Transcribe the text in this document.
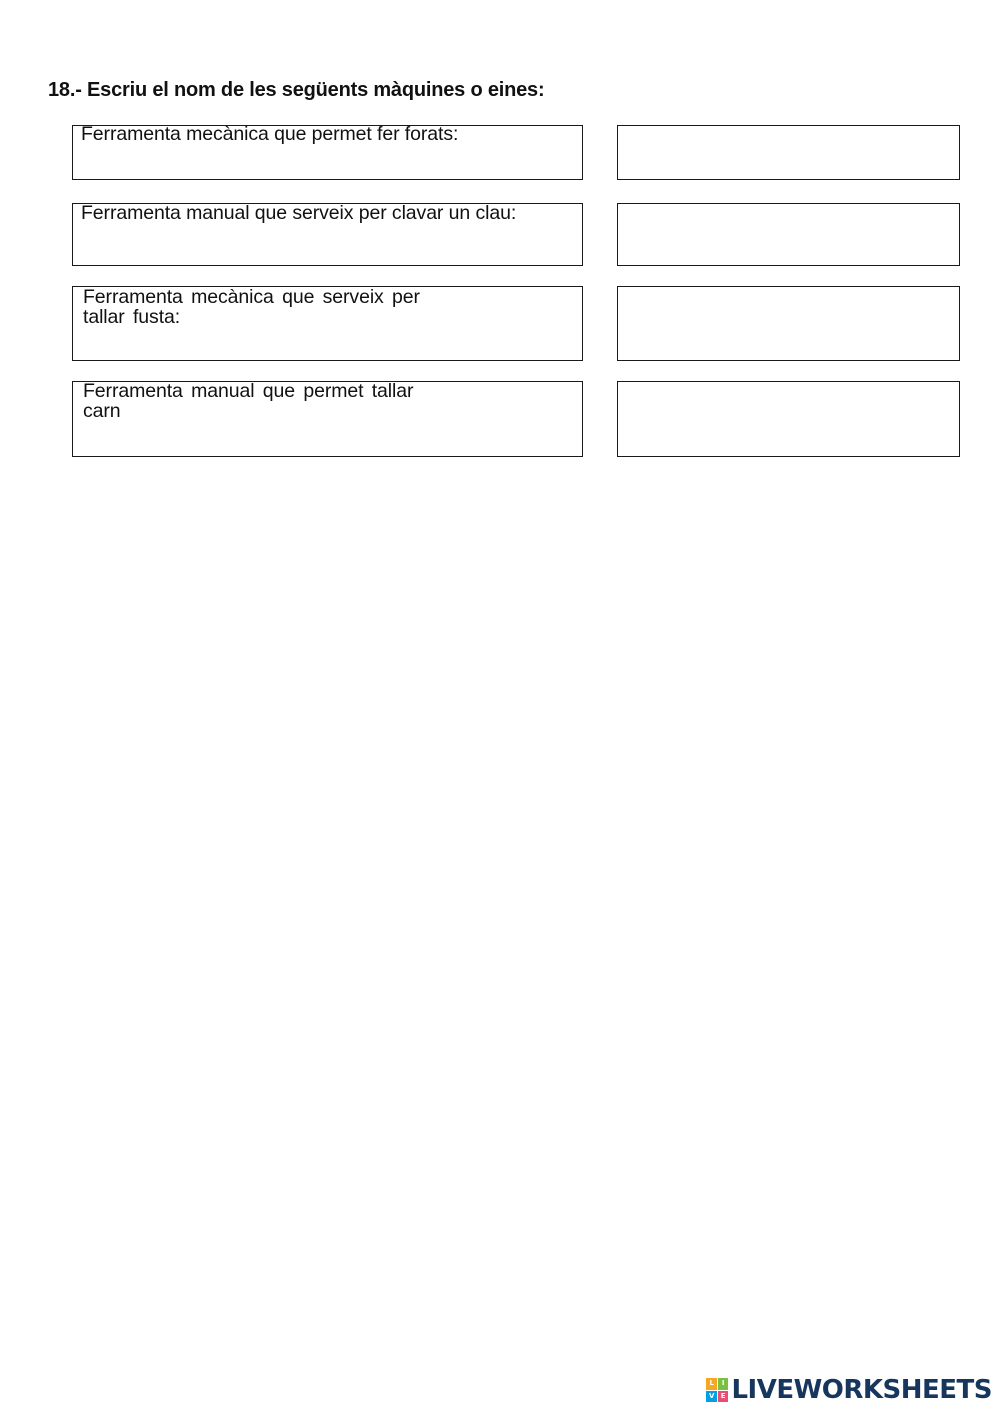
18.- Escriu el nom de les següents màquines o eines:
Ferramenta mecànica que permet fer forats:
Ferramenta manual que serveix per clavar un clau:
Ferramenta mecànica que serveix per
tallar fusta:
Ferramenta manual que permet tallar
carn
L	I
V E LIVEWORKSHEETS
